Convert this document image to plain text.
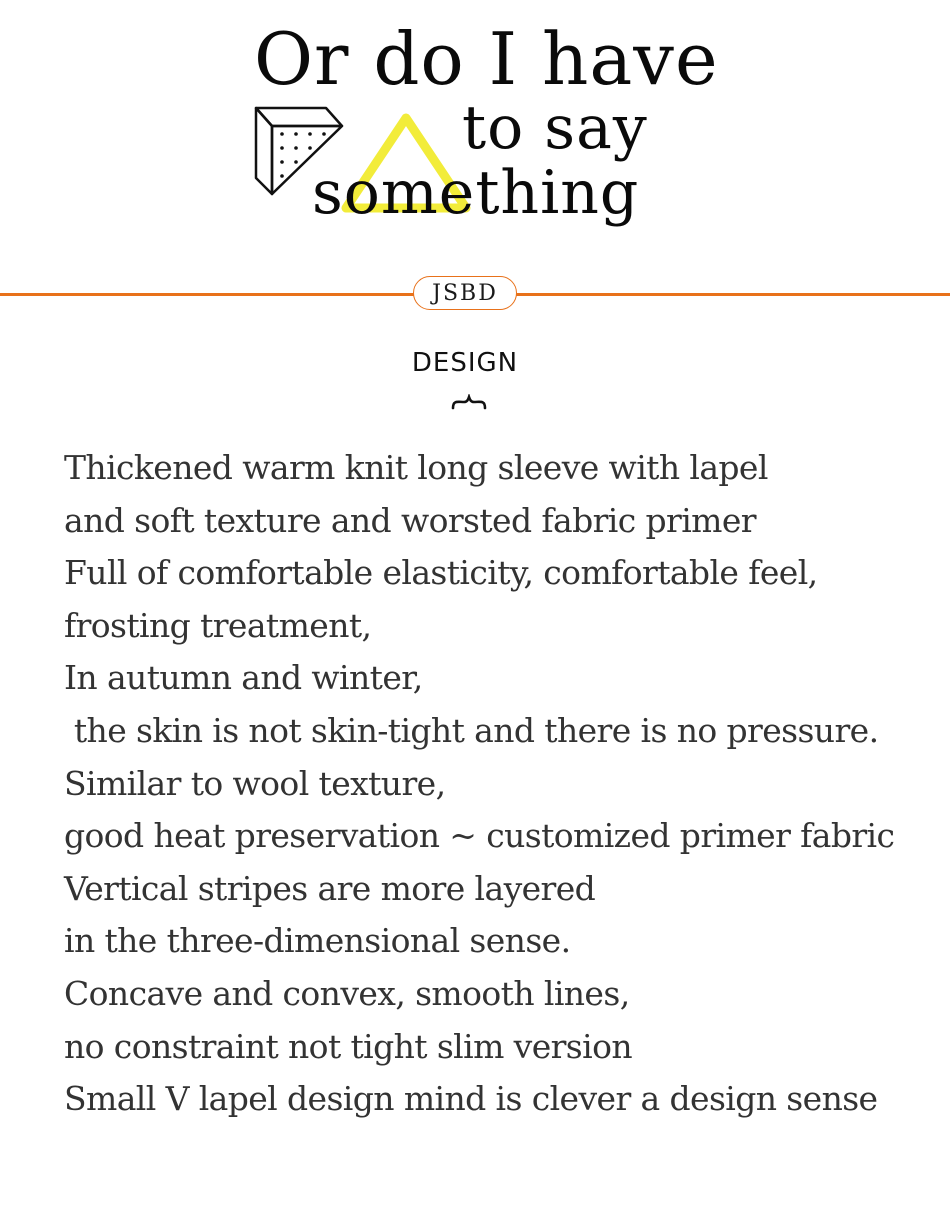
Or do I have
to say
something
JSBD
DESIGN
Thickened warm knit long sleeve with lapel
and soft texture and worsted fabric primer
Full of comfortable elasticity, comfortable feel,
frosting treatment,
In autumn and winter,
the skin is not skin-tight and there is no pressure.
Similar to wool texture,
good heat preservation ~ customized primer fabric
Vertical stripes are more layered
in the three-dimensional sense.
Concave and convex, smooth lines,
no constraint not tight slim version
Small V lapel design mind is clever a design sense
